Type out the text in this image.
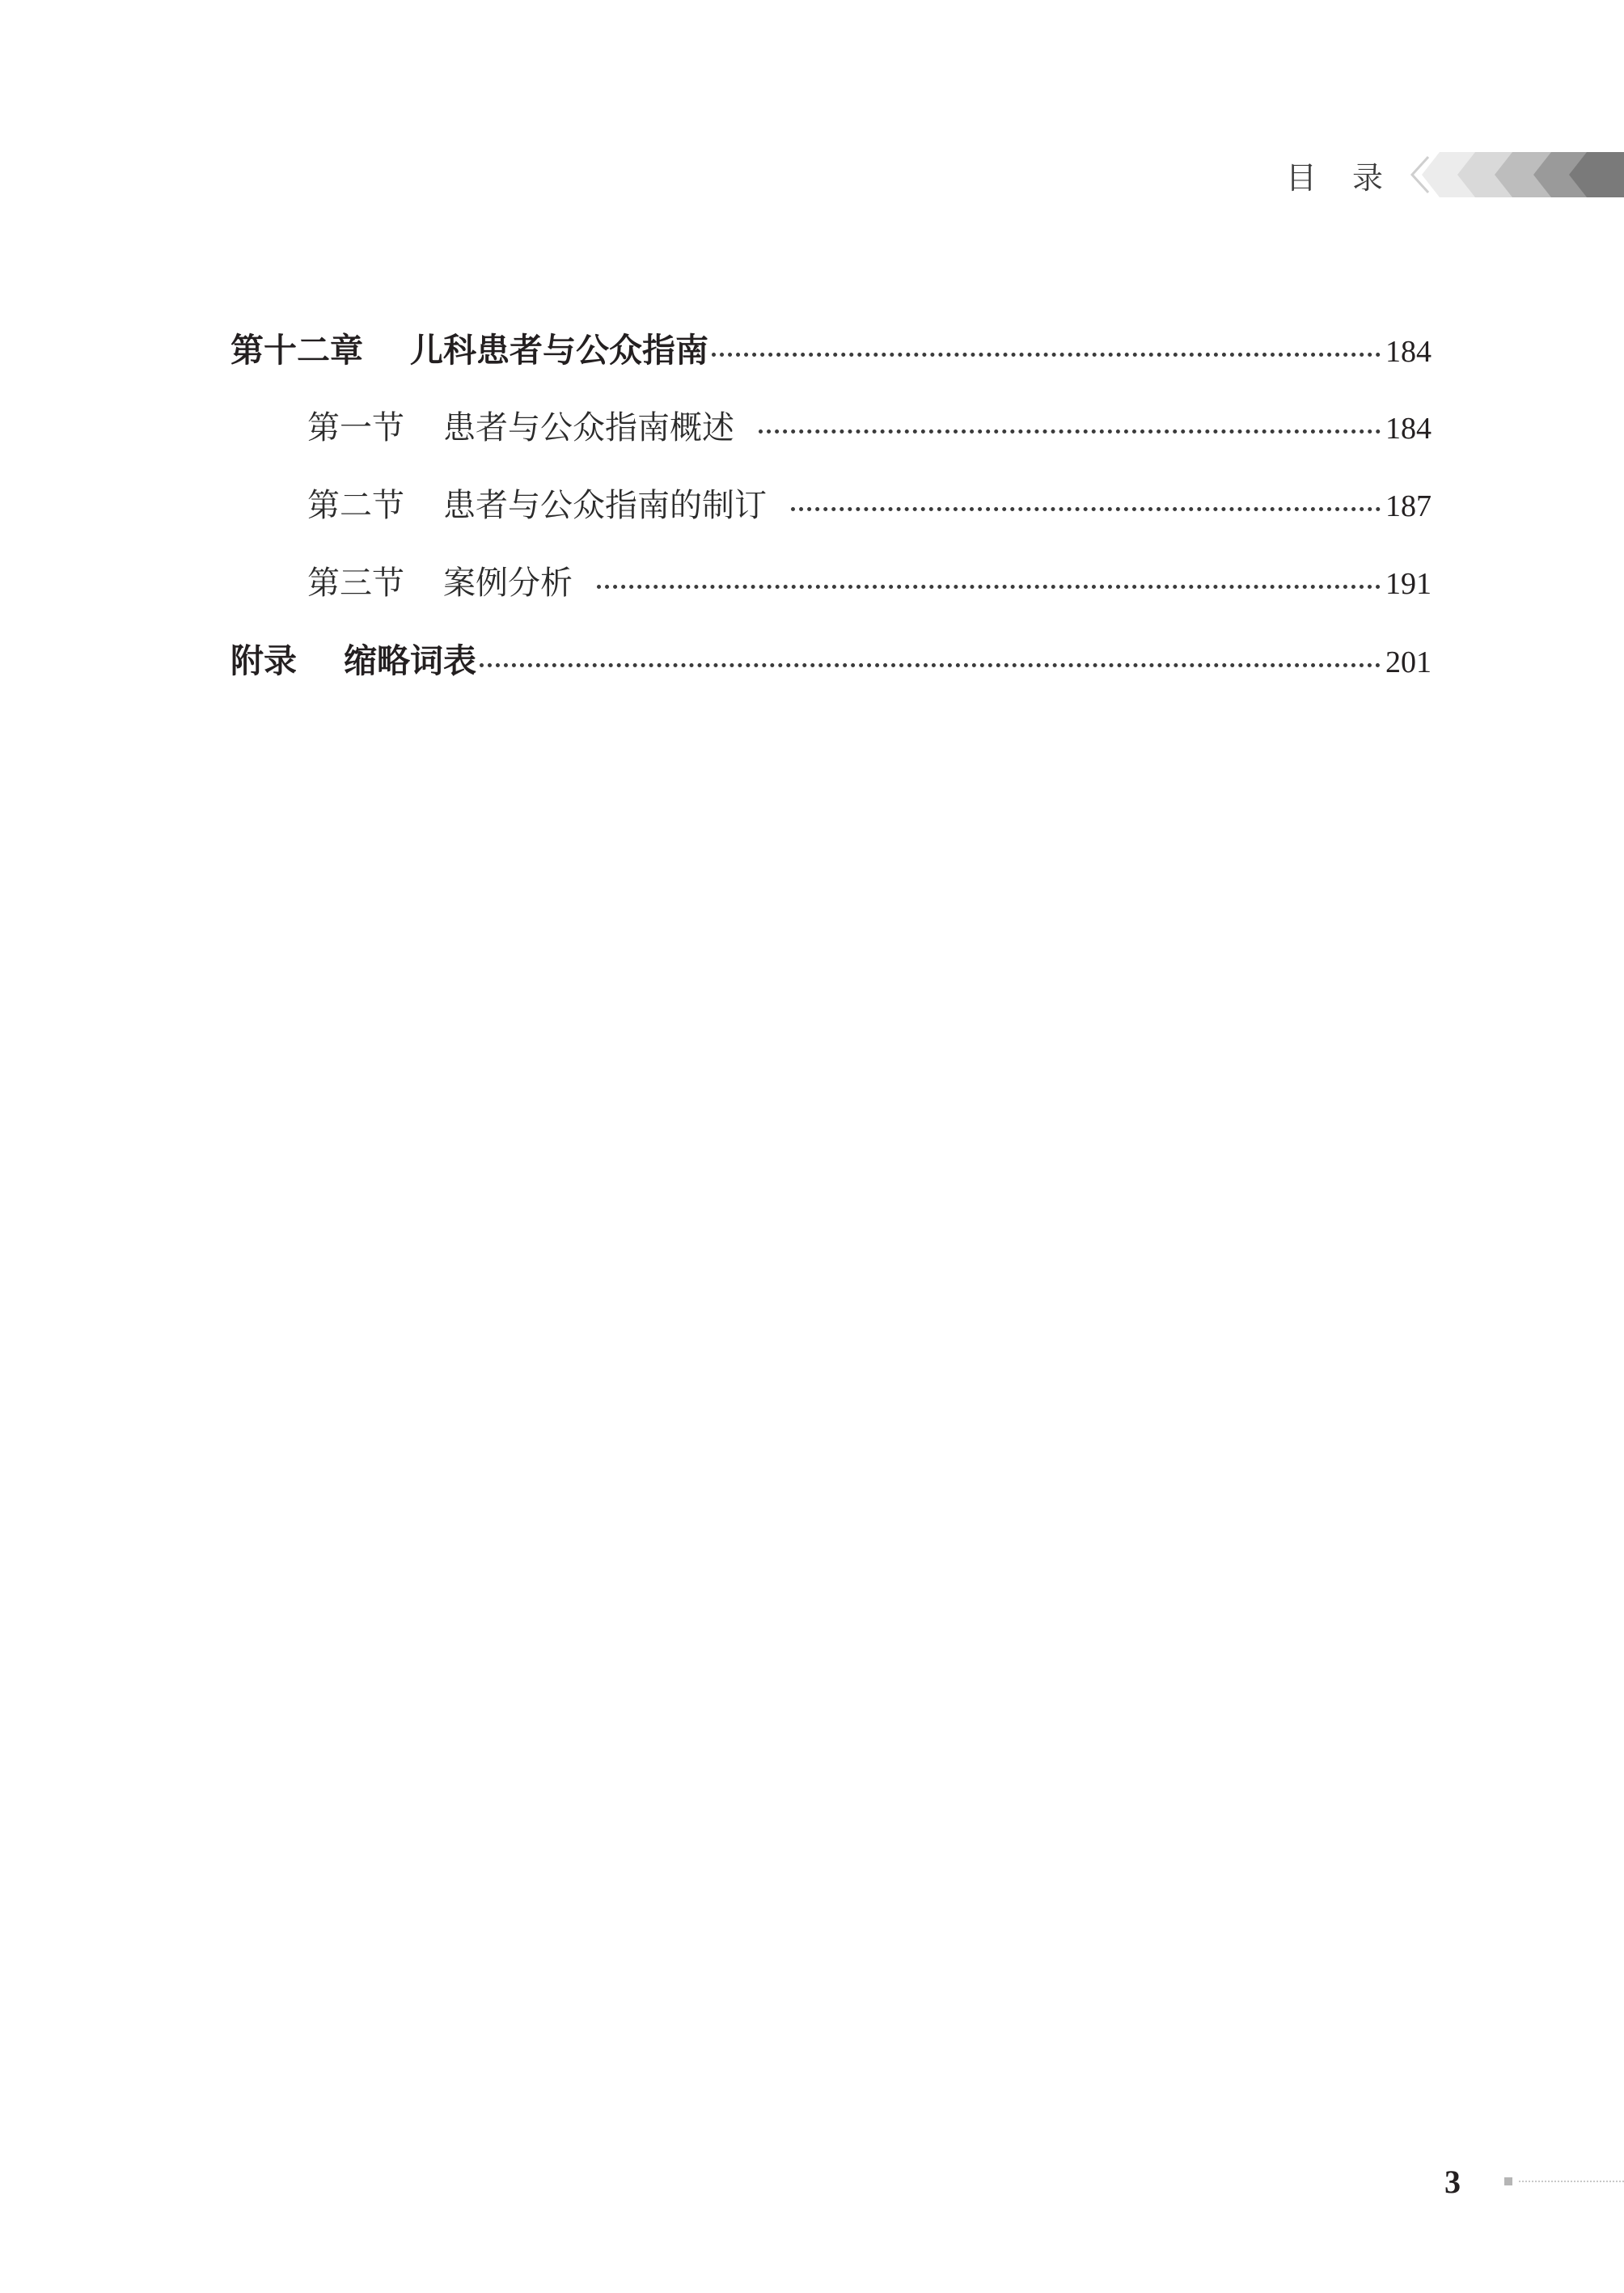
目 录
第十二章 儿科患者与公众指南	184
第一节 患者与公众指南概述	184
第二节 患者与公众指南的制订	187
第三节 案例分析	191
附录 缩略词表	201
3
